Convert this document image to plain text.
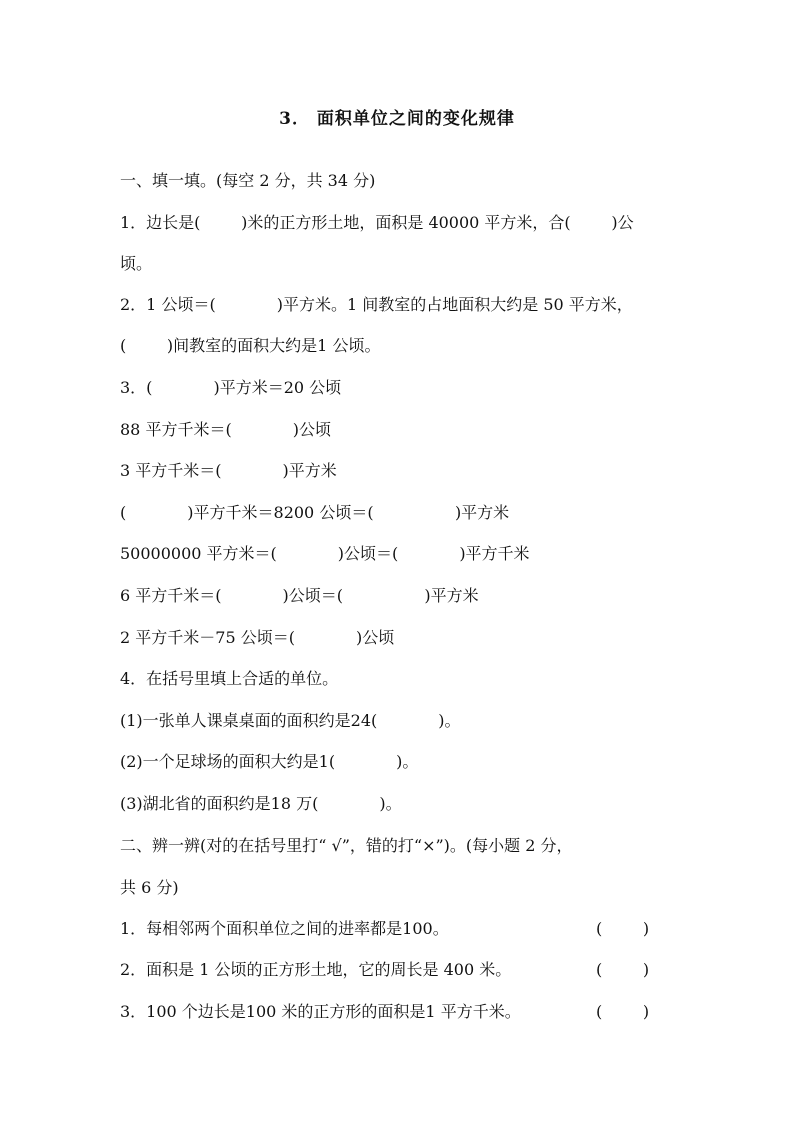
3． 面积单位之间的变化规律
一、填一填。(每空 2 分，共 34 分)
1．边长是(        )米的正方形土地，面积是 40000 平方米，合(        )公
顷。
2．1 公顷＝(            )平方米。1 间教室的占地面积大约是 50 平方米，
(        )间教室的面积大约是1 公顷。
3．(            )平方米＝20 公顷
88 平方千米＝(            )公顷
3 平方千米＝(            )平方米
(            )平方千米＝8200 公顷＝(                )平方米
50000000 平方米＝(            )公顷＝(            )平方千米
6 平方千米＝(            )公顷＝(                )平方米
2 平方千米－75 公顷＝(            )公顷
4．在括号里填上合适的单位。
(1)一张单人课桌桌面的面积约是24(            )。
(2)一个足球场的面积大约是1(            )。
(3)湖北省的面积约是18 万(            )。
二、辨一辨(对的在括号里打“ √”，错的打“×”)。(每小题 2 分，
共 6 分)
1．每相邻两个面积单位之间的进率都是100。	(        )
2．面积是 1 公顷的正方形土地，它的周长是 400 米。	(        )
3．100 个边长是100 米的正方形的面积是1 平方千米。	(        )
